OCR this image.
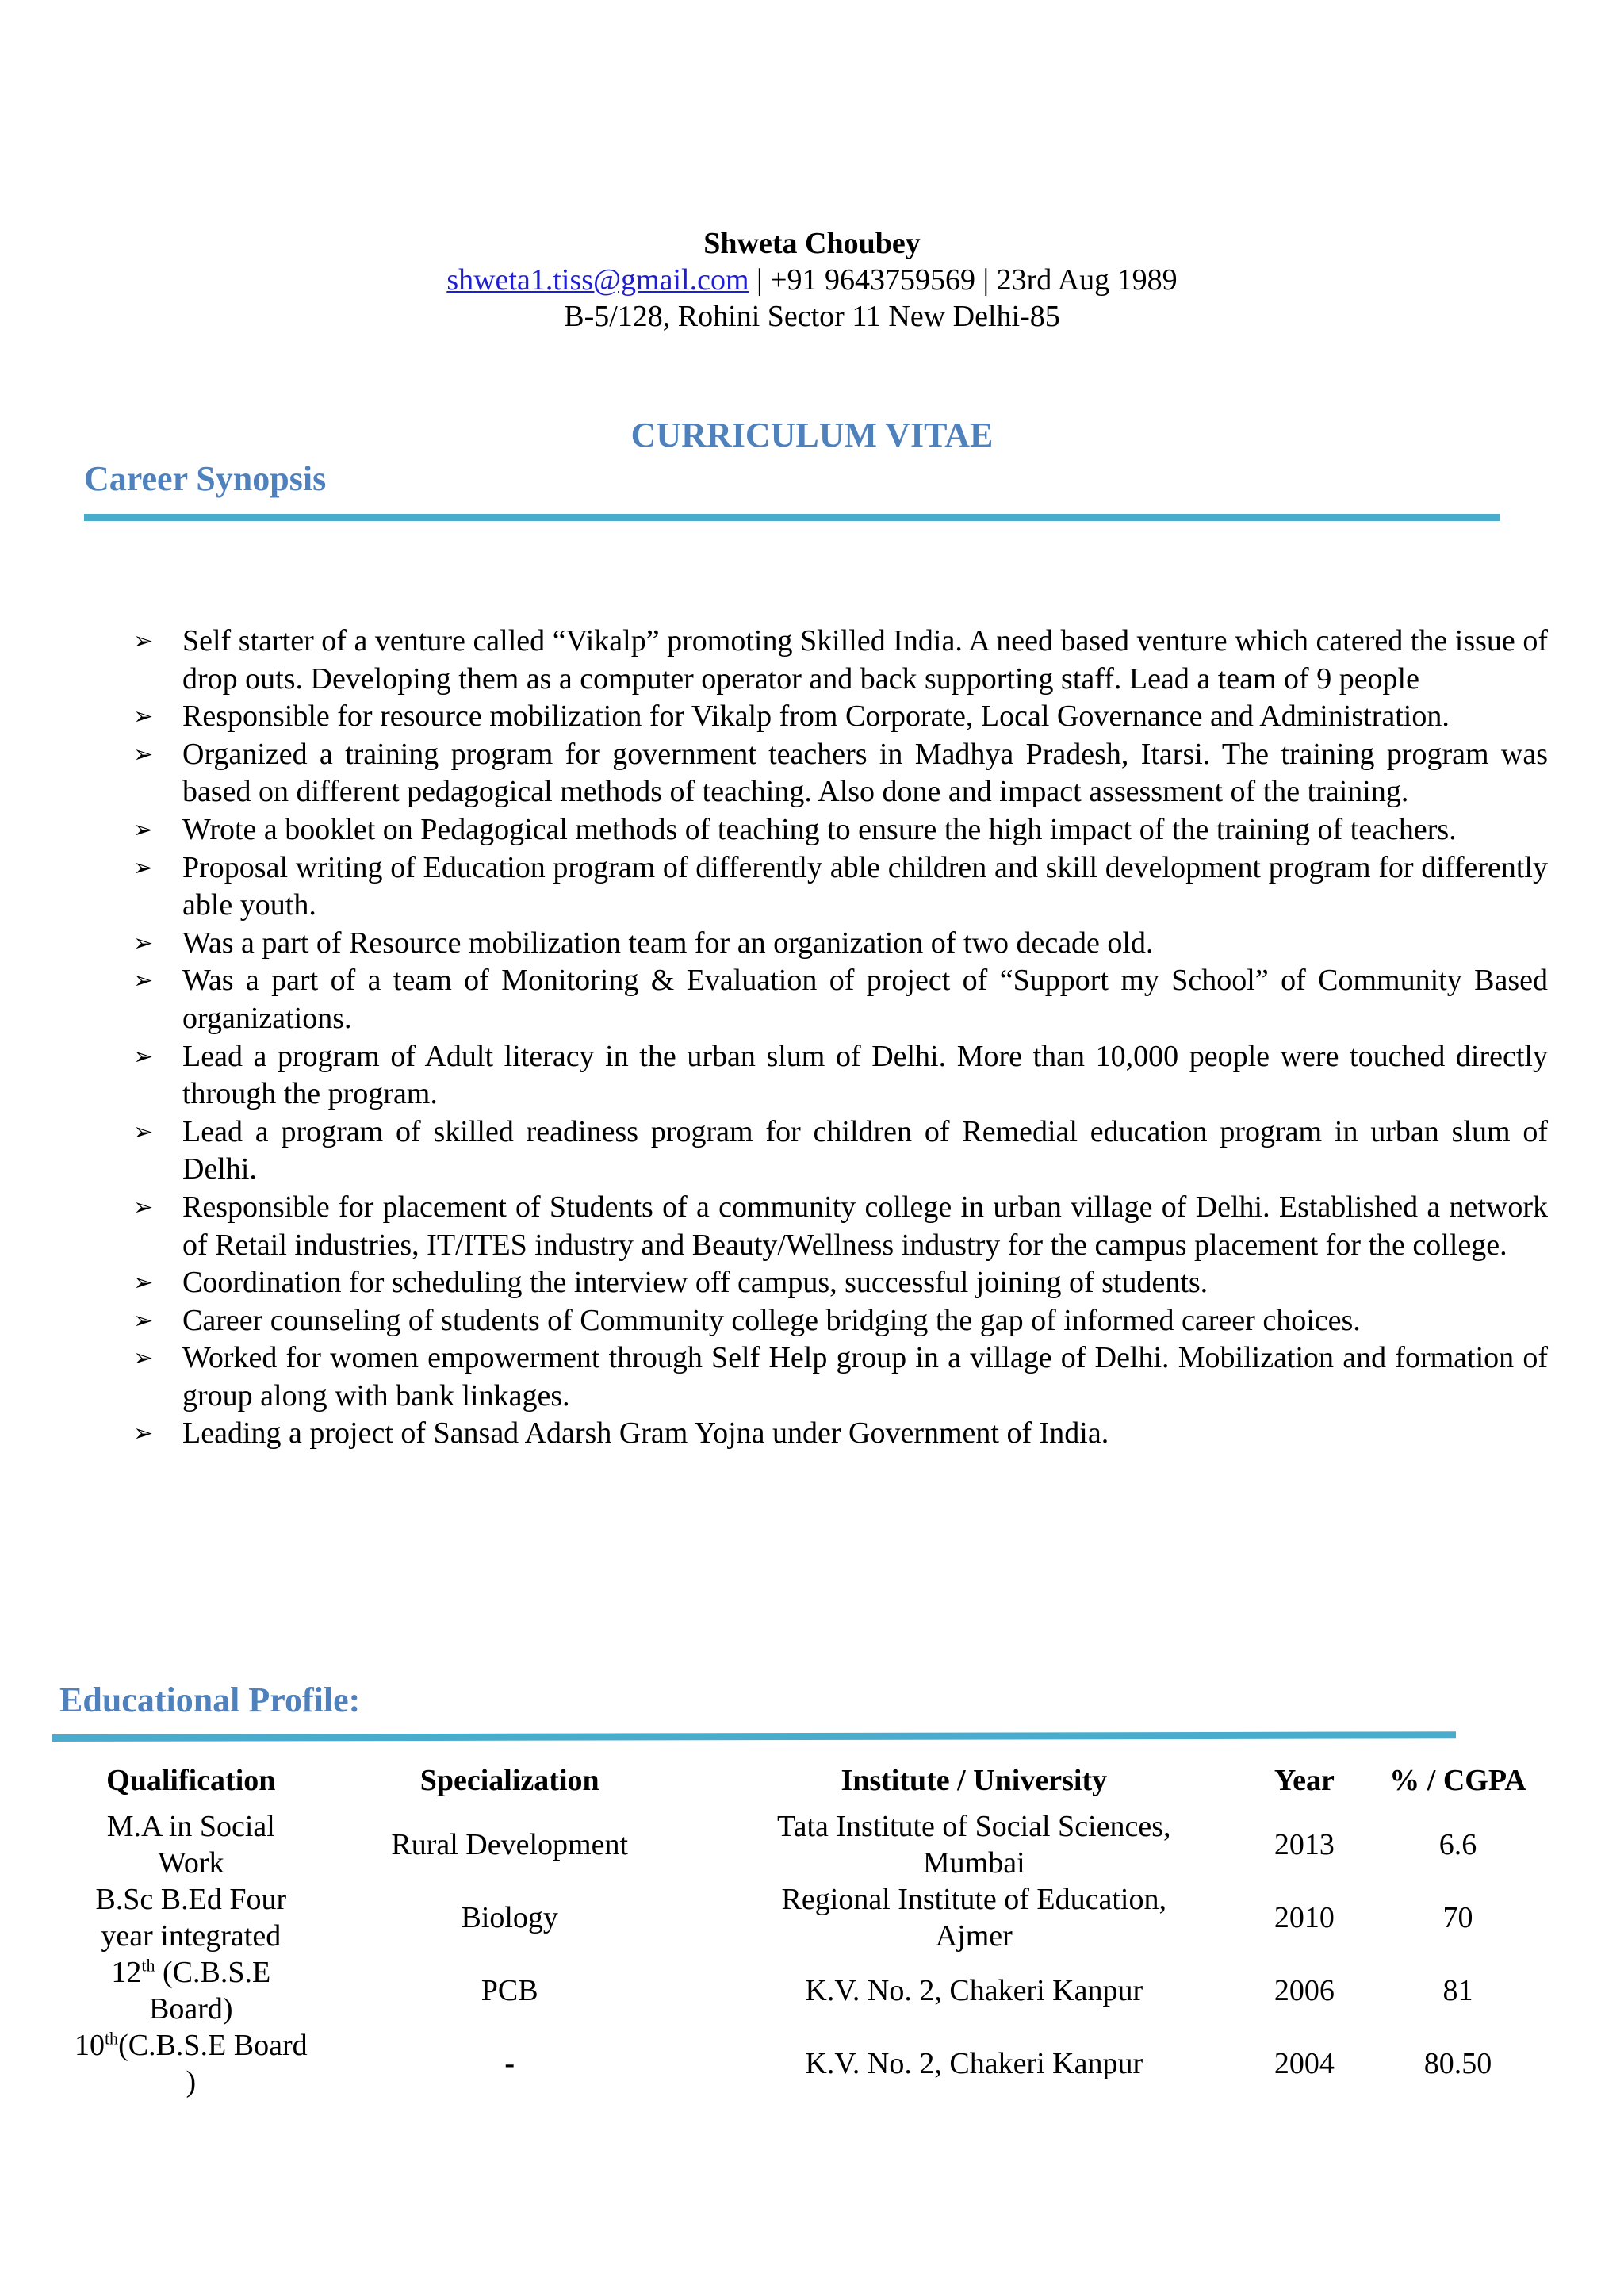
Shweta Choubey
shweta1.tiss@gmail.com | +91 9643759569 | 23rd Aug 1989
B-5/128, Rohini Sector 11 New Delhi-85
CURRICULUM VITAE
Career Synopsis
➢ Self starter of a venture called “Vikalp” promoting Skilled India. A need based venture which catered the issue of drop outs. Developing them as a computer operator and back supporting staff. Lead a team of 9 people
➢ Responsible for resource mobilization for Vikalp from Corporate, Local Governance and Administration.
➢ Organized a training program for government teachers in Madhya Pradesh, Itarsi. The training program was based on different pedagogical methods of teaching. Also done and impact assessment of the training.
➢ Wrote a booklet on Pedagogical methods of teaching to ensure the high impact of the training of teachers.
➢ Proposal writing of Education program of differently able children and skill development program for differently able youth.
➢ Was a part of Resource mobilization team for an organization of two decade old.
➢ Was a part of a team of Monitoring & Evaluation of project of “Support my School” of Community Based organizations.
➢ Lead a program of Adult literacy in the urban slum of Delhi. More than 10,000 people were touched directly through the program.
➢ Lead a program of skilled readiness program for children of Remedial education program in urban slum of Delhi.
➢ Responsible for placement of Students of a community college in urban village of Delhi. Established a network of Retail industries, IT/ITES industry and Beauty/Wellness industry for the campus placement for the college.
➢ Coordination for scheduling the interview off campus, successful joining of students.
➢ Career counseling of students of Community college bridging the gap of informed career choices.
➢ Worked for women empowerment through Self Help group in a village of Delhi. Mobilization and formation of group along with bank linkages.
➢ Leading a project of Sansad Adarsh Gram Yojna under Government of India.
Educational Profile:
Qualification	Specialization	Institute / University	Year	% / CGPA
M.A in Social Work	Rural Development	Tata Institute of Social Sciences, Mumbai	2013	6.6
B.Sc B.Ed Four year integrated	Biology	Regional Institute of Education, Ajmer	2010	70
12th (C.B.S.E Board)	PCB	K.V. No. 2, Chakeri Kanpur	2006	81
10th(C.B.S.E Board )	-	K.V. No. 2, Chakeri Kanpur	2004	80.50
